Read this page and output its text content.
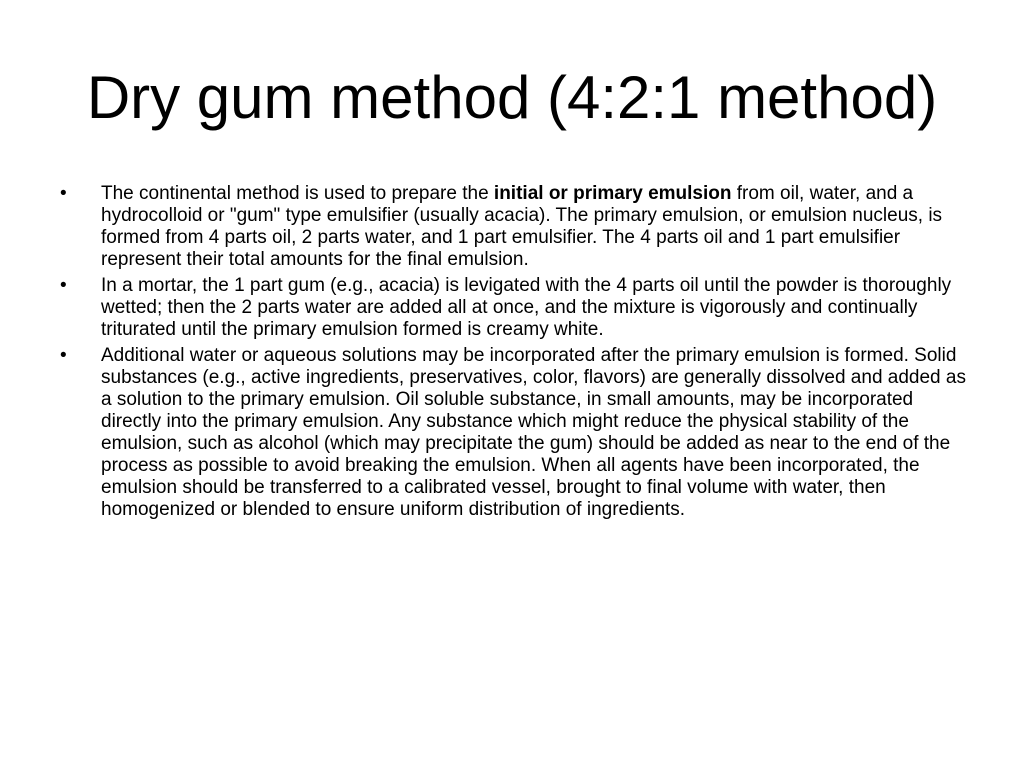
Dry gum method (4:2:1 method)
• The continental method is used to prepare the initial or primary emulsion from oil, water, and a hydrocolloid or "gum" type emulsifier (usually acacia). The primary emulsion, or emulsion nucleus, is formed from 4 parts oil, 2 parts water, and 1 part emulsifier. The 4 parts oil and 1 part emulsifier represent their total amounts for the final emulsion.
• In a mortar, the 1 part gum (e.g., acacia) is levigated with the 4 parts oil until the powder is thoroughly wetted; then the 2 parts water are added all at once, and the mixture is vigorously and continually triturated until the primary emulsion formed is creamy white.
• Additional water or aqueous solutions may be incorporated after the primary emulsion is formed. Solid substances (e.g., active ingredients, preservatives, color, flavors) are generally dissolved and added as a solution to the primary emulsion. Oil soluble substance, in small amounts, may be incorporated directly into the primary emulsion. Any substance which might reduce the physical stability of the emulsion, such as alcohol (which may precipitate the gum) should be added as near to the end of the process as possible to avoid breaking the emulsion. When all agents have been incorporated, the emulsion should be transferred to a calibrated vessel, brought to final volume with water, then homogenized or blended to ensure uniform distribution of ingredients.
